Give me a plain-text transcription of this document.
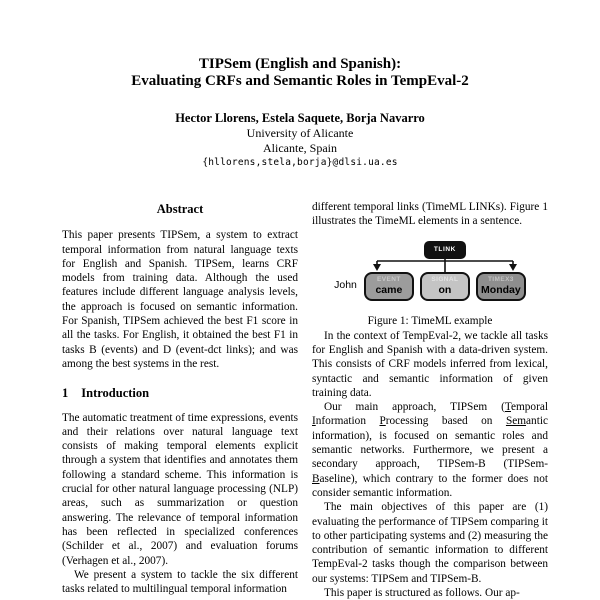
TIPSem (English and Spanish):
Evaluating CRFs and Semantic Roles in TempEval-2
Hector Llorens, Estela Saquete, Borja Navarro
University of Alicante
Alicante, Spain
{hllorens,stela,borja}@dlsi.ua.es
Abstract

This paper presents TIPSem, a system to extract temporal information from natural language texts for English and Spanish. TIPSem, learns CRF models from training data. Although the used features include different language analysis levels, the approach is focused on semantic information. For Spanish, TIPSem achieved the best F1 score in all the tasks. For English, it obtained the best F1 in tasks B (events) and D (event-dct links); and was among the best systems in the rest.

1 Introduction

The automatic treatment of time expressions, events and their relations over natural language text consists of making temporal elements explicit through a system that identifies and annotates them following a standard scheme. This information is crucial for other natural language processing (NLP) areas, such as summarization or question answering. The relevance of temporal information has been reflected in specialized conferences (Schilder et al., 2007) and evaluation forums (Verhagen et al., 2007).

We present a system to tackle the six different tasks related to multilingual temporal information

different temporal links (TimeML LINKs). Figure 1 illustrates the TimeML elements in a sentence.

John
TLINK
EVENT
came
SIGNAL
on
TIMEX3
Monday
Figure 1: TimeML example

In the context of TempEval-2, we tackle all tasks for English and Spanish with a data-driven system. This consists of CRF models inferred from lexical, syntactic and semantic information of given training data.

Our main approach, TIPSem (Temporal Information Processing based on Semantic information), is focused on semantic roles and semantic networks. Furthermore, we present a secondary approach, TIPSem-B (TIPSem-Baseline), which contrary to the former does not consider semantic information.

The main objectives of this paper are (1) evaluating the performance of TIPSem comparing it to other participating systems and (2) measuring the contribution of semantic information to different TempEval-2 tasks though the comparison between our systems: TIPSem and TIPSem-B.

This paper is structured as follows. Our ap-
